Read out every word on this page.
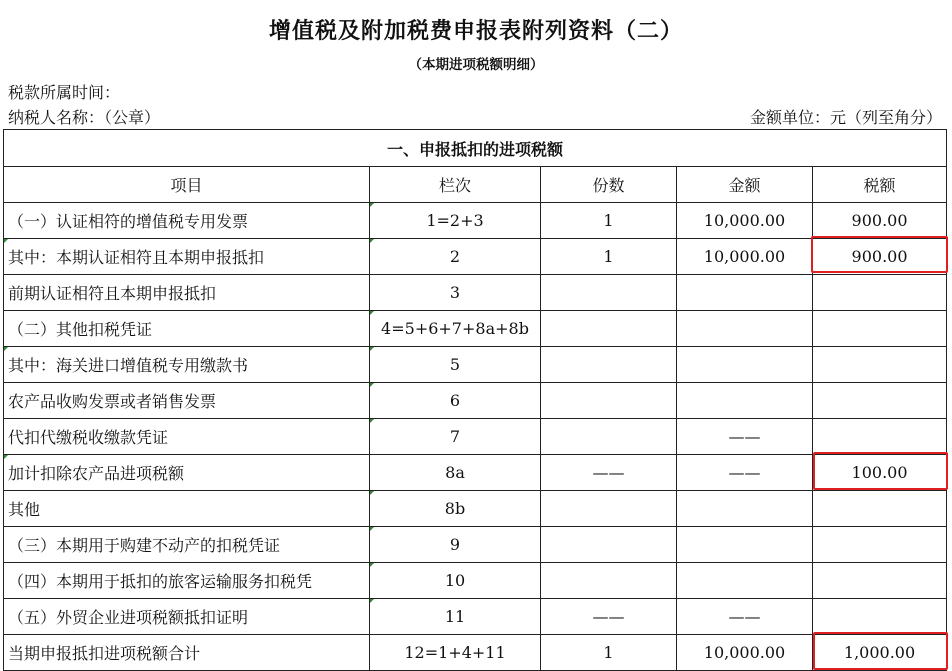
增值税及附加税费申报表附列资料（二）
（本期进项税额明细）
税款所属时间：
纳税人名称：（公章）	金额单位：元（列至角分）
一、申报抵扣的进项税额				
项目	栏次	份数	金额	税额
（一）认证相符的增值税专用发票	1=2+3	1	10,000.00	900.00
其中：本期认证相符且本期申报抵扣	2	1	10,000.00	900.00
前期认证相符且本期申报抵扣	3			
（二）其他扣税凭证	4=5+6+7+8a+8b

其中：海关进口增值税专用缴款书	5

农产品收购发票或者销售发票	6

代扣代缴税收缴款凭证	7		——	
加计扣除农产品进项税额	8a	——	——	100.00
其他	8b

（三）本期用于购建不动产的扣税凭证	9

（四）本期用于抵扣的旅客运输服务扣税凭	10

（五）外贸企业进项税额抵扣证明	11	——	——	
当期申报抵扣进项税额合计	12=1+4+11	1	10,000.00	1,000.00
